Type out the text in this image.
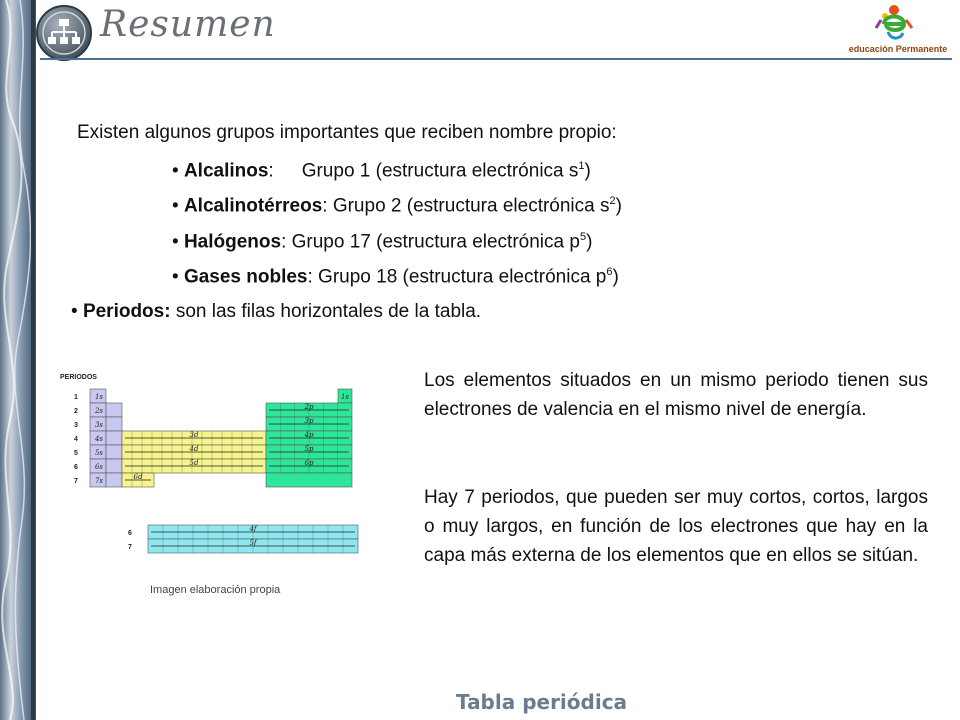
Resumen
educación Permanente
Existen algunos grupos importantes que reciben nombre propio:
• Alcalinos: Grupo 1 (estructura electrónica $s^1$)
• Alcalinotérreos: Grupo 2 (estructura electrónica $s^2$)
• Halógenos: Grupo 17 (estructura electrónica $p^5$)
• Gases nobles: Grupo 18 (estructura electrónica $p^6$)
• Periodos: son las filas horizontales de la tabla.
PERIODOS
1
2
3
4
5
6
7
1s
2s
3s
4s
5s
6s
7s
1s
3d
4d
5d
6d
2p
3p
4p
5p
6p
6
7
4f
5f
Imagen elaboración propia

Los elementos situados en un mismo periodo tienen sus electrones de valencia en el mismo nivel de energía.

Hay 7 periodos, que pueden ser muy cortos, cortos, largos o muy largos, en función de los electrones que hay en la capa más externa de los elementos que en ellos se sitúan.

Tabla periódica
